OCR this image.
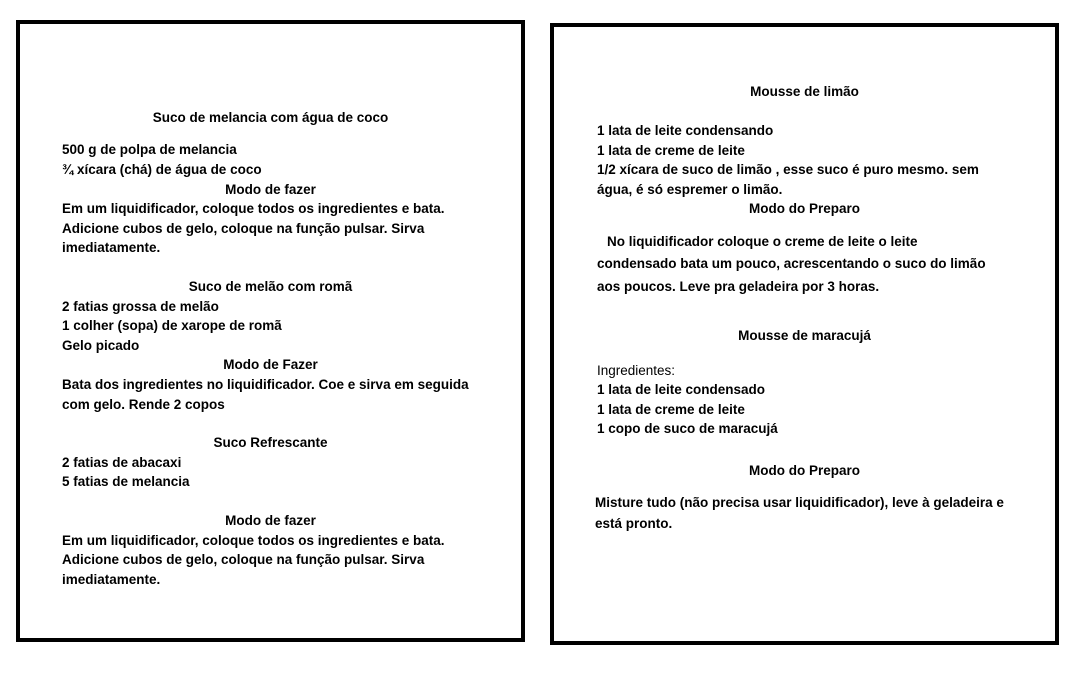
Suco de melancia com água de coco
500 g de polpa de melancia
¾ xícara (chá) de água de coco
Modo de fazer
Em um liquidificador, coloque todos os ingredientes e bata.
Adicione cubos de gelo, coloque na função pulsar. Sirva
imediatamente.
Suco de melão com romã
2 fatias grossa de melão
1 colher (sopa) de xarope de romã
Gelo picado
Modo de Fazer
Bata dos ingredientes no liquidificador. Coe e sirva em seguida
com gelo. Rende 2 copos
Suco Refrescante
2 fatias de abacaxi
5 fatias de melancia
Modo de fazer
Em um liquidificador, coloque todos os ingredientes e bata.
Adicione cubos de gelo, coloque na função pulsar. Sirva
imediatamente.
Mousse de limão
1 lata de leite condensando
1 lata de creme de leite
1/2 xícara de suco de limão , esse suco é puro mesmo. sem
água, é só espremer o limão.
Modo do Preparo
No liquidificador coloque o creme de leite o leite
condensado bata um pouco, acrescentando o suco do limão
aos poucos. Leve pra geladeira por 3 horas.
Mousse de maracujá
Ingredientes:
1 lata de leite condensado
1 lata de creme de leite
1 copo de suco de maracujá
Modo do Preparo
Misture tudo (não precisa usar liquidificador), leve à geladeira e
está pronto.
